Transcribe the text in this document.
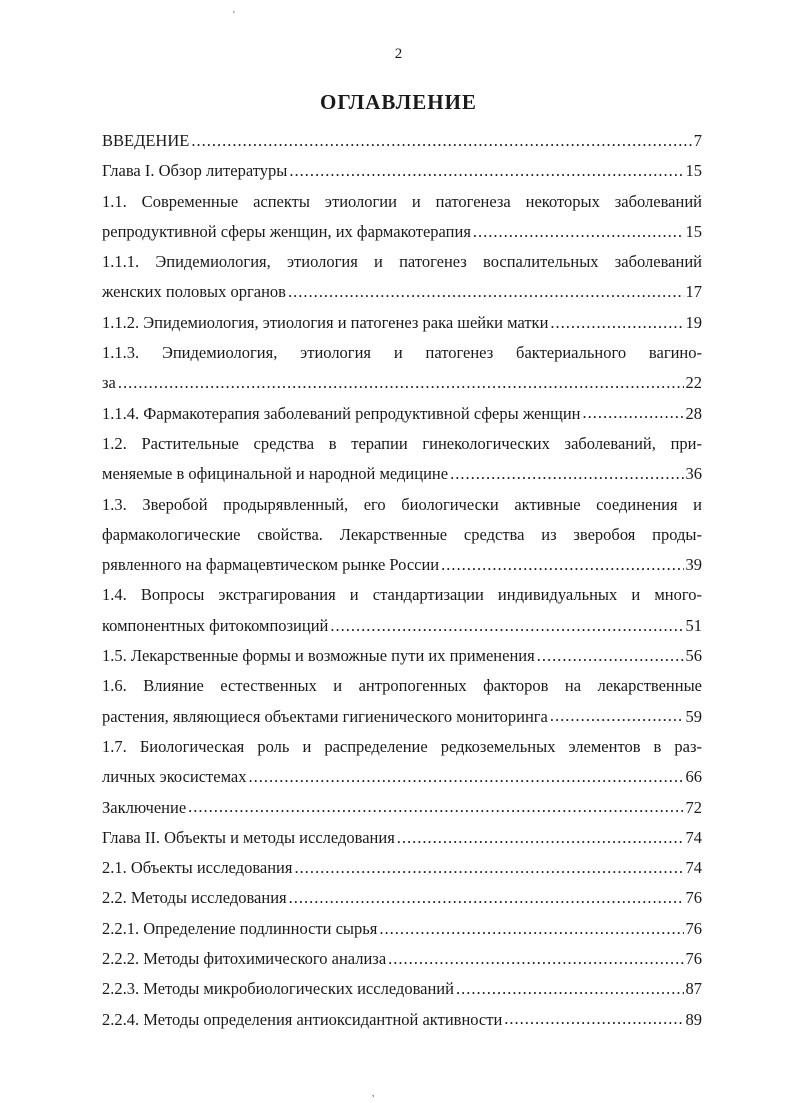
'
,
2
ОГЛАВЛЕНИЕ
ВВЕДЕНИЕ .....	7
Глава I. Обзор литературы .....	15
1.1. Современные аспекты этиологии и патогенеза некоторых заболеваний
репродуктивной сферы женщин, их фармакотерапия .....	15
1.1.1. Эпидемиология, этиология и патогенез воспалительных заболеваний
женских половых органов .....	17
1.1.2. Эпидемиология, этиология и патогенез рака шейки матки .....	19
1.1.3. Эпидемиология, этиология и патогенез бактериального вагино-
за .....	22
1.1.4. Фармакотерапия заболеваний репродуктивной сферы женщин .....	28
1.2. Растительные средства в терапии гинекологических заболеваний, при-
меняемые в официнальной и народной медицине .....	36
1.3. Зверобой продырявленный, его биологически активные соединения и
фармакологические свойства. Лекарственные средства из зверобоя проды-
рявленного на фармацевтическом рынке России .....	39
1.4. Вопросы экстрагирования и стандартизации индивидуальных и много-
компонентных фитокомпозиций .....	51
1.5. Лекарственные формы и возможные пути их применения .....	56
1.6. Влияние естественных и антропогенных факторов на лекарственные
растения, являющиеся объектами гигиенического мониторинга .....	59
1.7. Биологическая роль и распределение редкоземельных элементов в раз-
личных экосистемах .....	66
Заключение .....	72
Глава II. Объекты и методы исследования .....	74
2.1. Объекты исследования .....	74
2.2. Методы исследования .....	76
2.2.1. Определение подлинности сырья .....	76
2.2.2. Методы фитохимического анализа .....	76
2.2.3. Методы микробиологических исследований .....	87
2.2.4. Методы определения антиоксидантной активности .....	89
